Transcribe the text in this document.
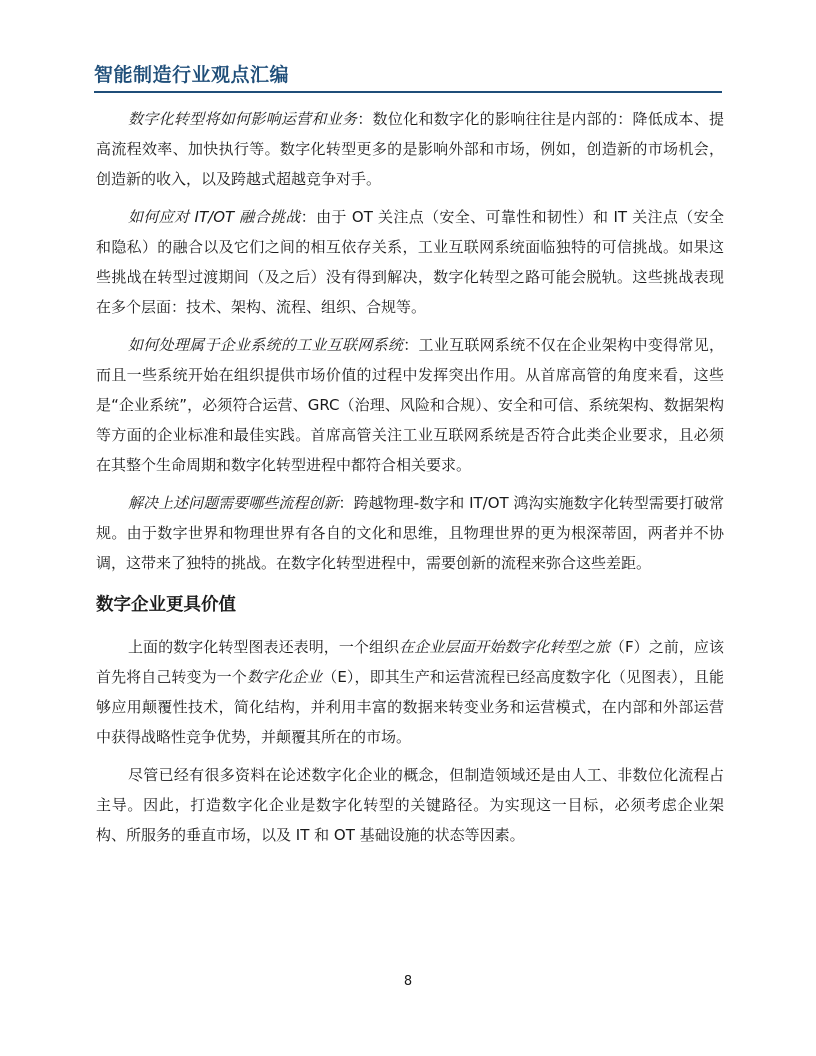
智能制造行业观点汇编

数字化转型将如何影响运营和业务：数位化和数字化的影响往往是内部的：降低成本、提高流程效率、加快执行等。数字化转型更多的是影响外部和市场，例如，创造新的市场机会，创造新的收入，以及跨越式超越竞争对手。

如何应对 IT/OT 融合挑战：由于 OT 关注点（安全、可靠性和韧性）和 IT 关注点（安全和隐私）的融合以及它们之间的相互依存关系，工业互联网系统面临独特的可信挑战。如果这些挑战在转型过渡期间（及之后）没有得到解决，数字化转型之路可能会脱轨。这些挑战表现在多个层面：技术、架构、流程、组织、合规等。

如何处理属于企业系统的工业互联网系统：工业互联网系统不仅在企业架构中变得常见，而且一些系统开始在组织提供市场价值的过程中发挥突出作用。从首席高管的角度来看，这些是“企业系统”，必须符合运营、GRC（治理、风险和合规）、安全和可信、系统架构、数据架构等方面的企业标准和最佳实践。首席高管关注工业互联网系统是否符合此类企业要求，且必须在其整个生命周期和数字化转型进程中都符合相关要求。

解决上述问题需要哪些流程创新：跨越物理-数字和 IT/OT 鸿沟实施数字化转型需要打破常规。由于数字世界和物理世界有各自的文化和思维，且物理世界的更为根深蒂固，两者并不协调，这带来了独特的挑战。在数字化转型进程中，需要创新的流程来弥合这些差距。

数字企业更具价值

上面的数字化转型图表还表明，一个组织在企业层面开始数字化转型之旅（F）之前，应该首先将自己转变为一个数字化企业（E），即其生产和运营流程已经高度数字化（见图表），且能够应用颠覆性技术，简化结构，并利用丰富的数据来转变业务和运营模式，在内部和外部运营中获得战略性竞争优势，并颠覆其所在的市场。

尽管已经有很多资料在论述数字化企业的概念，但制造领域还是由人工、非数位化流程占主导。因此，打造数字化企业是数字化转型的关键路径。为实现这一目标，必须考虑企业架构、所服务的垂直市场，以及 IT 和 OT 基础设施的状态等因素。

8
